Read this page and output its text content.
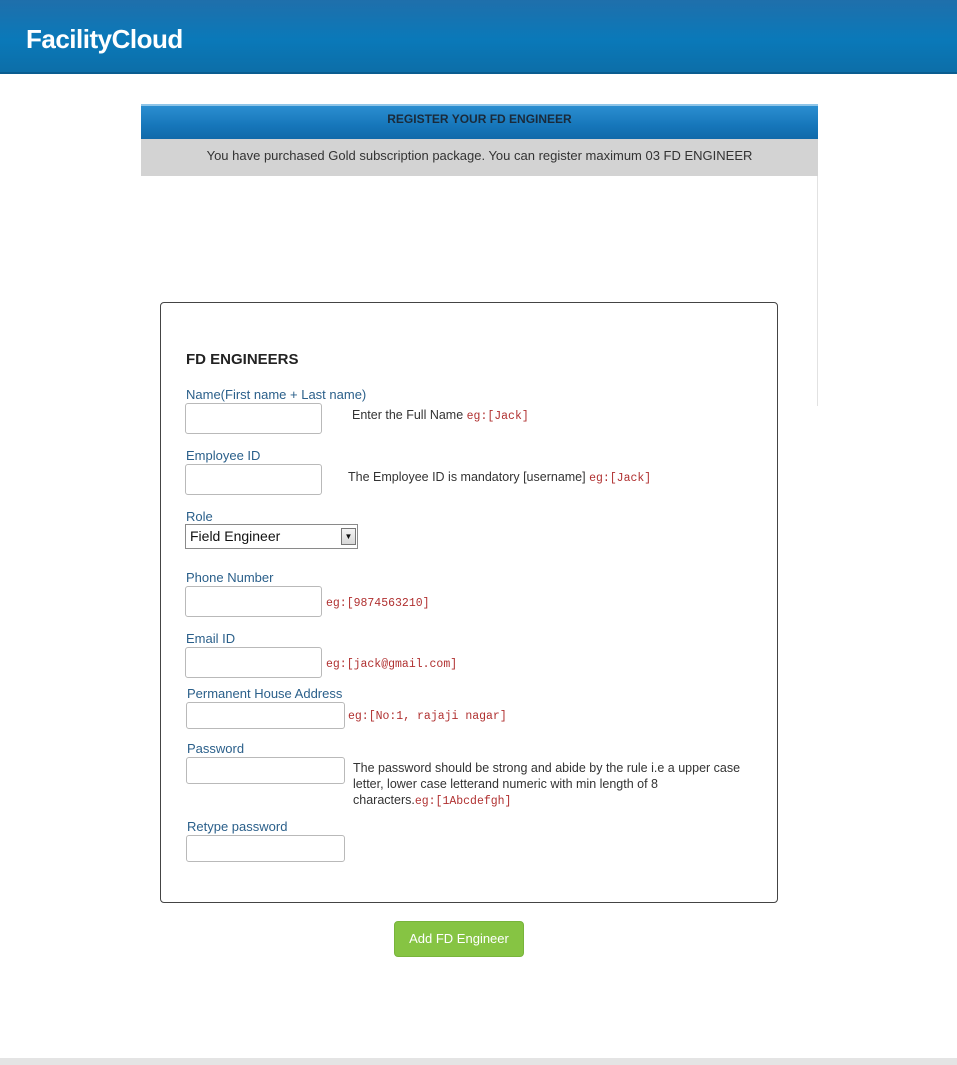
FacilityCloud
REGISTER YOUR FD ENGINEER
You have purchased Gold subscription package. You can register maximum 03 FD ENGINEER
FD ENGINEERS
Name(First name + Last name)
Enter the Full Name eg:[Jack]
Employee ID
The Employee ID is mandatory [username] eg:[Jack]
Role
Field Engineer	▼
Phone Number
eg:[9874563210]
Email ID
eg:[jack@gmail.com]
Permanent House Address
eg:[No:1, rajaji nagar]
Password
The password should be strong and abide by the rule i.e a upper case letter, lower case letterand numeric with min length of 8 characters.eg:[1Abcdefgh]
Retype password
Add FD Engineer
